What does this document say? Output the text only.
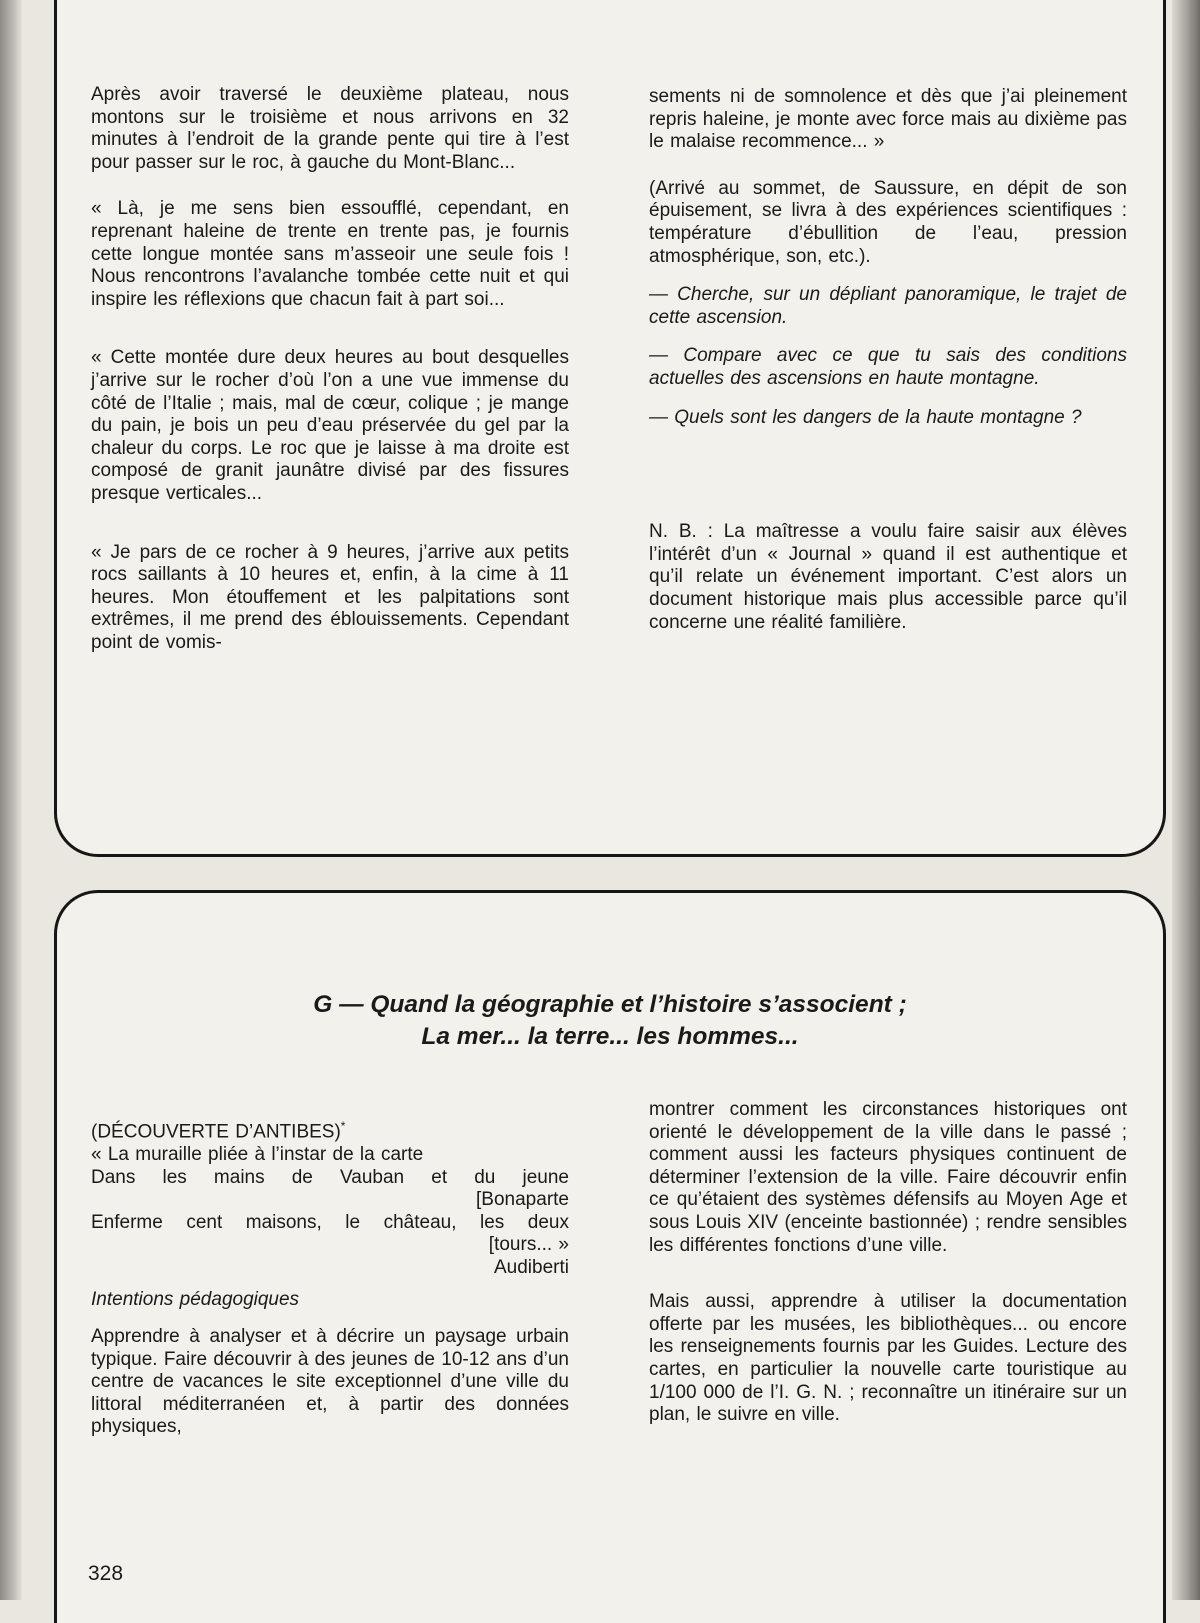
Après avoir traversé le deuxième plateau, nous montons sur le troisième et nous arrivons en 32 minutes à l’endroit de la grande pente qui tire à l’est pour passer sur le roc, à gauche du Mont-Blanc...

« Là, je me sens bien essoufflé, cependant, en reprenant haleine de trente en trente pas, je fournis cette longue montée sans m’asseoir une seule fois ! Nous rencontrons l’avalanche tombée cette nuit et qui inspire les réflexions que chacun fait à part soi...

« Cette montée dure deux heures au bout desquelles j’arrive sur le rocher d’où l’on a une vue immense du côté de l’Italie ; mais, mal de cœur, colique ; je mange du pain, je bois un peu d’eau préservée du gel par la chaleur du corps. Le roc que je laisse à ma droite est composé de granit jaunâtre divisé par des fissures presque verticales...

« Je pars de ce rocher à 9 heures, j’arrive aux petits rocs saillants à 10 heures et, enfin, à la cime à 11 heures. Mon étouffement et les palpitations sont extrêmes, il me prend des éblouissements. Cependant point de vomis-

sements ni de somnolence et dès que j’ai pleinement repris haleine, je monte avec force mais au dixième pas le malaise recommence... »

(Arrivé au sommet, de Saussure, en dépit de son épuisement, se livra à des expériences scientifiques : température d’ébullition de l’eau, pression atmosphérique, son, etc.).

— Cherche, sur un dépliant panoramique, le trajet de cette ascension.

— Compare avec ce que tu sais des conditions actuelles des ascensions en haute montagne.

— Quels sont les dangers de la haute montagne ?

N. B. : La maîtresse a voulu faire saisir aux élèves l’intérêt d’un « Journal » quand il est authentique et qu’il relate un événement important. C’est alors un document historique mais plus accessible parce qu’il concerne une réalité familière.

G — Quand la géographie et l’histoire s’associent ;
La mer... la terre... les hommes...

(DÉCOUVERTE D’ANTIBES)*

« La muraille pliée à l’instar de la carte
Dans les mains de Vauban et du jeune
[Bonaparte
Enferme cent maisons, le château, les deux
[tours... »
Audiberti

Intentions pédagogiques

Apprendre à analyser et à décrire un paysage urbain typique. Faire découvrir à des jeunes de 10-12 ans d’un centre de vacances le site exceptionnel d’une ville du littoral méditerranéen et, à partir des données physiques,

montrer comment les circonstances historiques ont orienté le développement de la ville dans le passé ; comment aussi les facteurs physiques continuent de déterminer l’extension de la ville. Faire découvrir enfin ce qu’étaient des systèmes défensifs au Moyen Age et sous Louis XIV (enceinte bastionnée) ; rendre sensibles les différentes fonctions d’une ville.

Mais aussi, apprendre à utiliser la documentation offerte par les musées, les bibliothèques... ou encore les renseignements fournis par les Guides. Lecture des cartes, en particulier la nouvelle carte touristique au 1/100 000 de l’I. G. N. ; reconnaître un itinéraire sur un plan, le suivre en ville.

328
